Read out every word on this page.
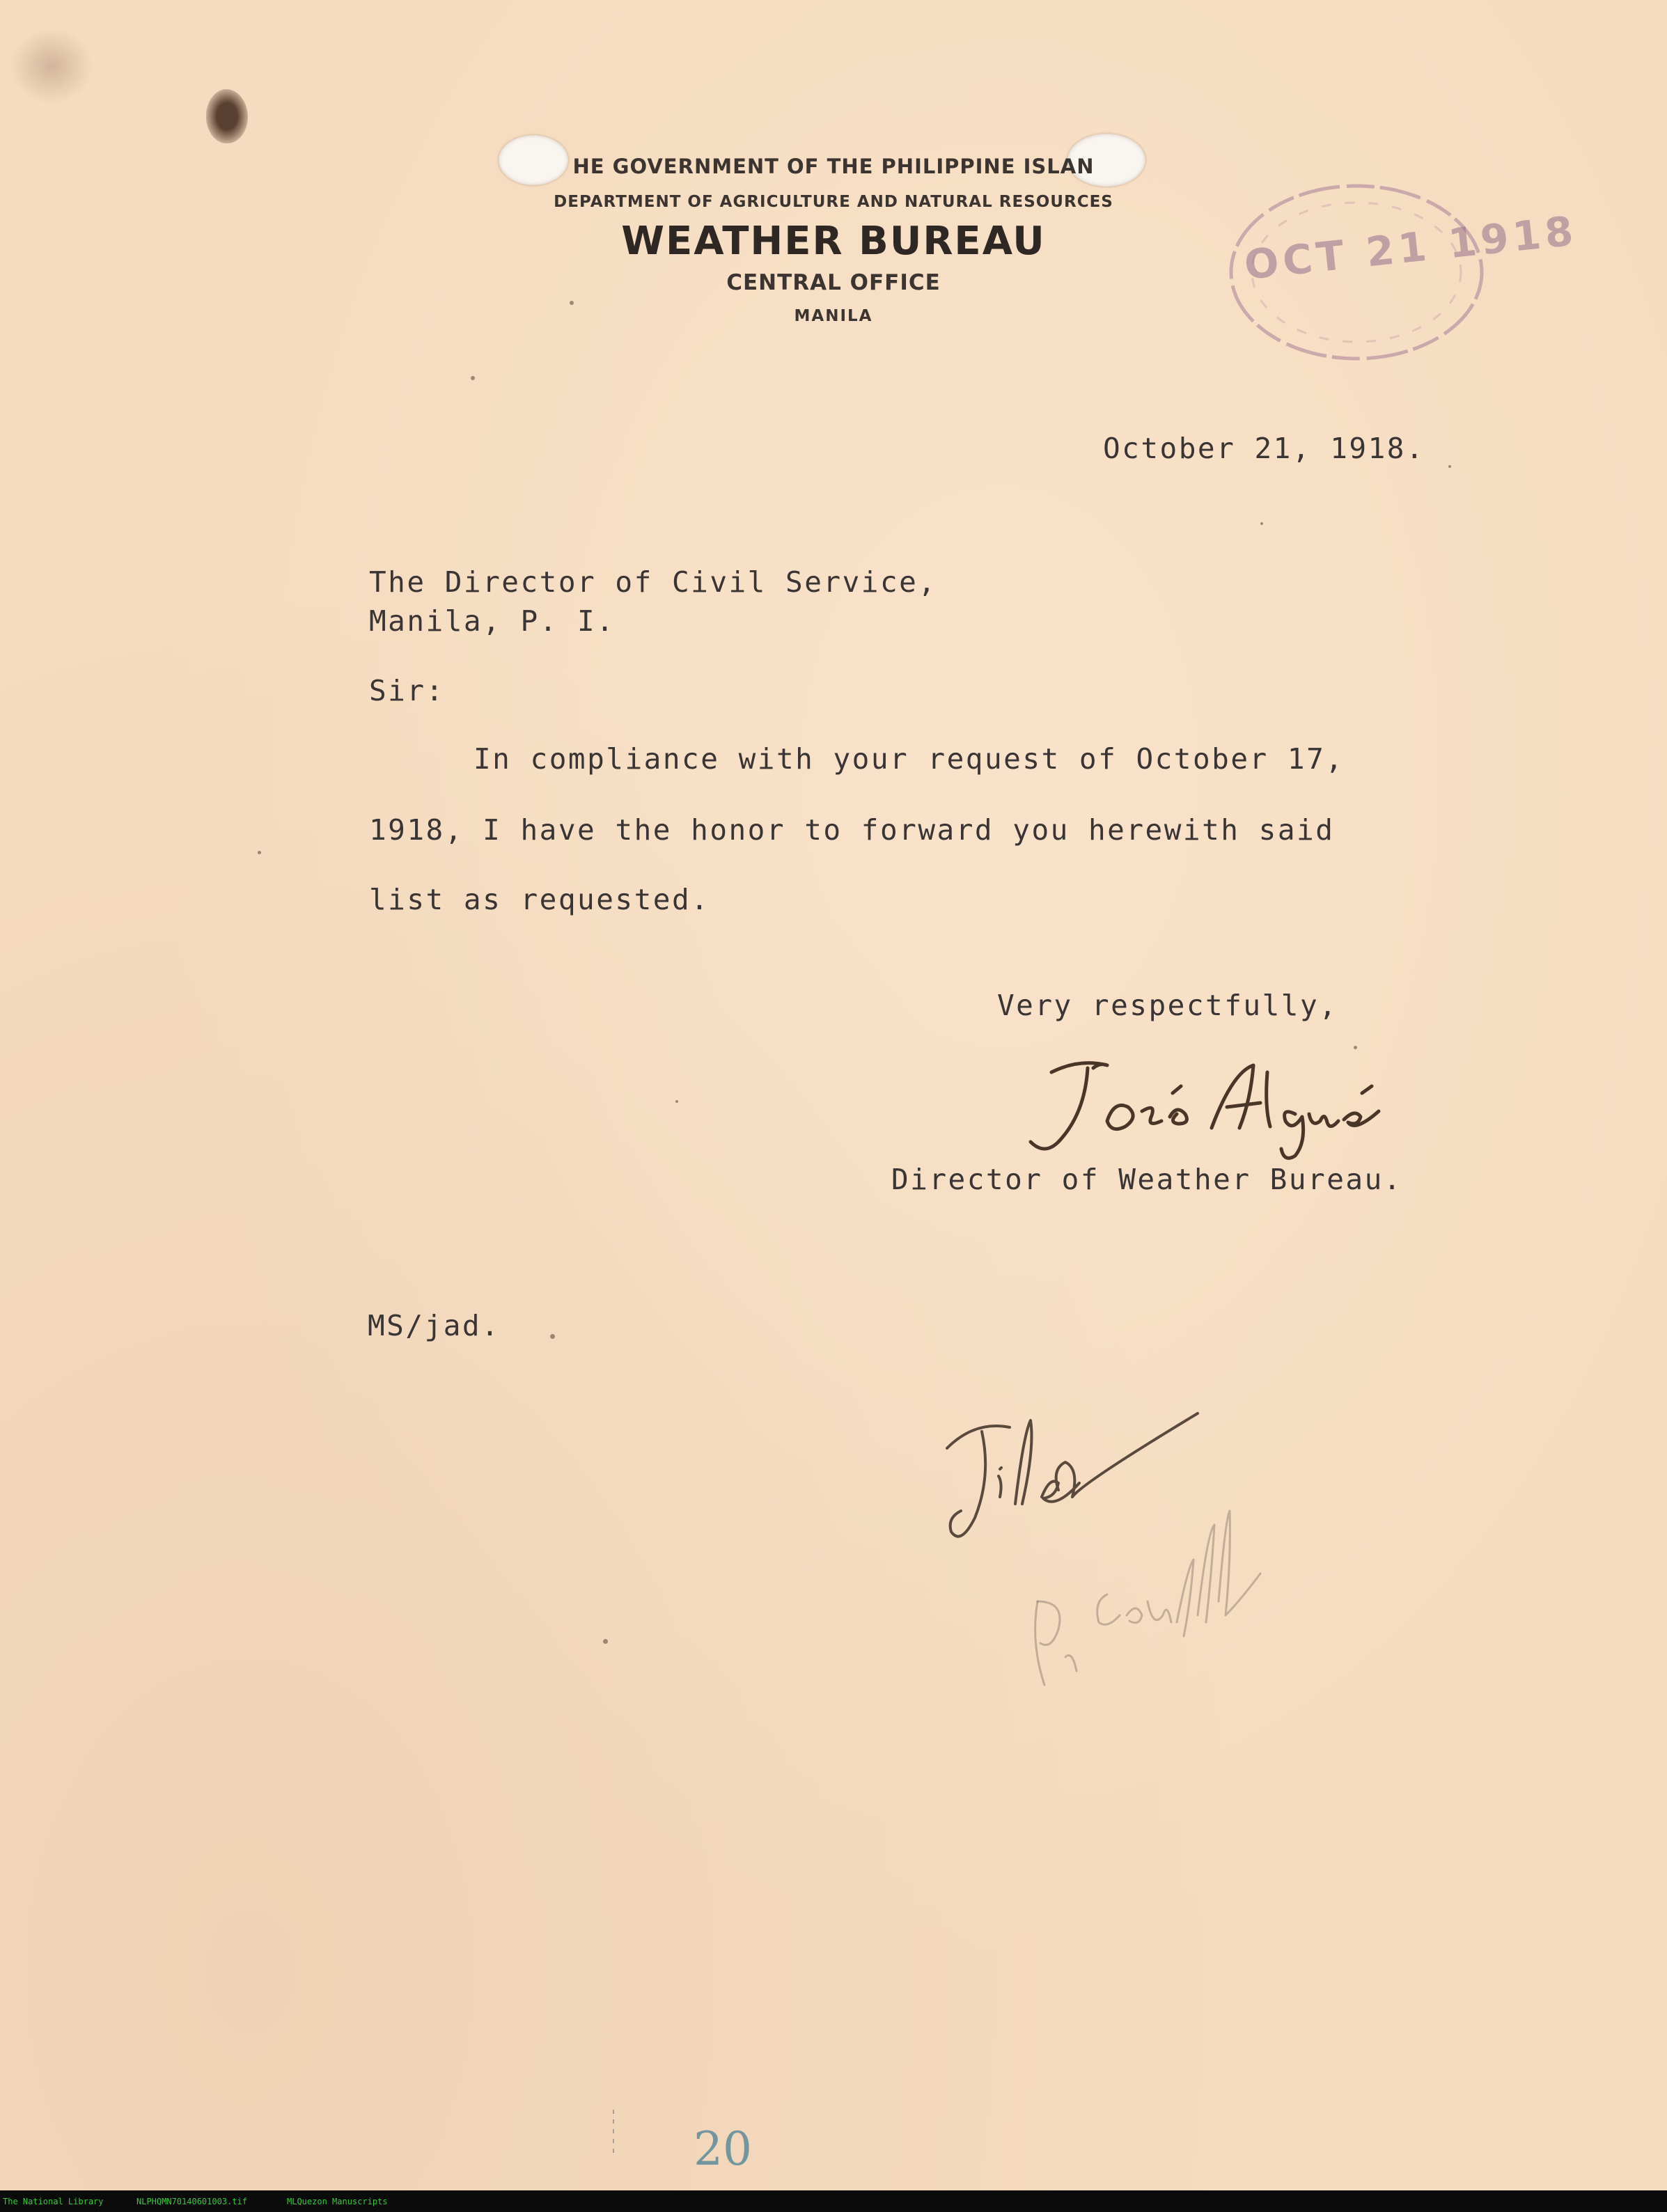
HE GOVERNMENT OF THE PHILIPPINE ISLAN
DEPARTMENT OF AGRICULTURE AND NATURAL RESOURCES
WEATHER BUREAU
CENTRAL OFFICE
MANILA
OCT 21 1918
October 21, 1918.
The Director of Civil Service,
Manila, P. I.
Sir:
In compliance with your request of October 17,
1918, I have the honor to forward you herewith said
list as requested.
Very respectfully,
Director of Weather Bureau.
MS/jad.
20
The National Library	NLPHQMN70140601003.tif	MLQuezon Manuscripts
